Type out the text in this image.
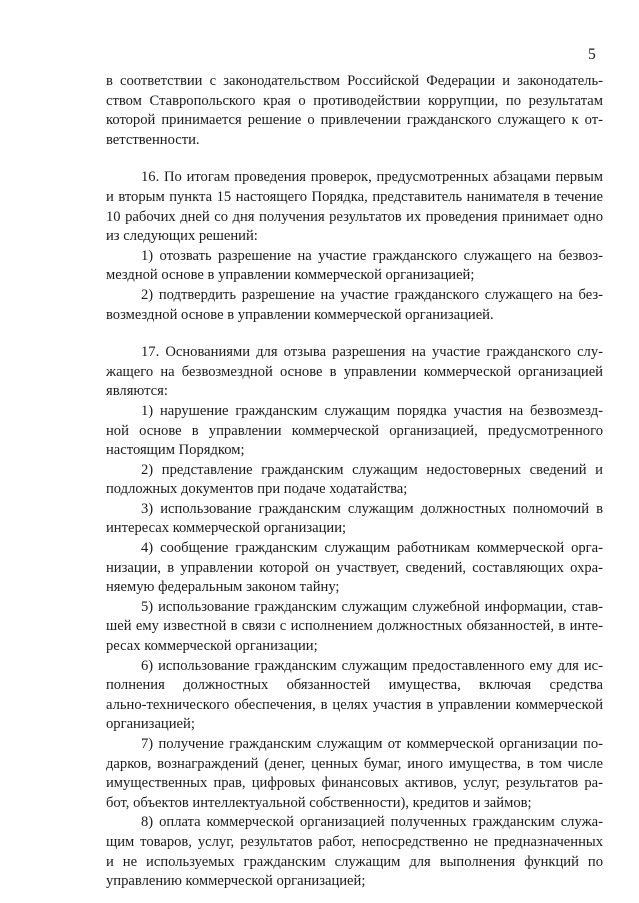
5
в соответствии с законодательством Российской Федерации и законодатель-
ством Ставропольского края о противодействии коррупции, по результатам
которой принимается решение о привлечении гражданского служащего к от-
ветственности.
16. По итогам проведения проверок, предусмотренных абзацами первым
и вторым пункта 15 настоящего Порядка, представитель нанимателя в течение
10 рабочих дней со дня получения результатов их проведения принимает одно
из следующих решений:
1) отозвать разрешение на участие гражданского служащего на безвоз-
мездной основе в управлении коммерческой организацией;
2) подтвердить разрешение на участие гражданского служащего на без-
возмездной основе в управлении коммерческой организацией.
17. Основаниями для отзыва разрешения на участие гражданского слу-
жащего на безвозмездной основе в управлении коммерческой организацией
являются:
1) нарушение гражданским служащим порядка участия на безвозмезд-
ной основе в управлении коммерческой организацией, предусмотренного
настоящим Порядком;
2) представление гражданским служащим недостоверных сведений и
подложных документов при подаче ходатайства;
3) использование гражданским служащим должностных полномочий в
интересах коммерческой организации;
4) сообщение гражданским служащим работникам коммерческой орга-
низации, в управлении которой он участвует, сведений, составляющих охра-
няемую федеральным законом тайну;
5) использование гражданским служащим служебной информации, став-
шей ему известной в связи с исполнением должностных обязанностей, в инте-
ресах коммерческой организации;
6) использование гражданским служащим предоставленного ему для ис-
полнения должностных обязанностей имущества, включая средства
ально-технического обеспечения, в целях участия в управлении коммерческой
организацией;
7) получение гражданским служащим от коммерческой организации по-
дарков, вознаграждений (денег, ценных бумаг, иного имущества, в том числе
имущественных прав, цифровых финансовых активов, услуг, результатов ра-
бот, объектов интеллектуальной собственности), кредитов и займов;
8) оплата коммерческой организацией полученных гражданским служа-
щим товаров, услуг, результатов работ, непосредственно не предназначенных
и не используемых гражданским служащим для выполнения функций по
управлению коммерческой организацией;
